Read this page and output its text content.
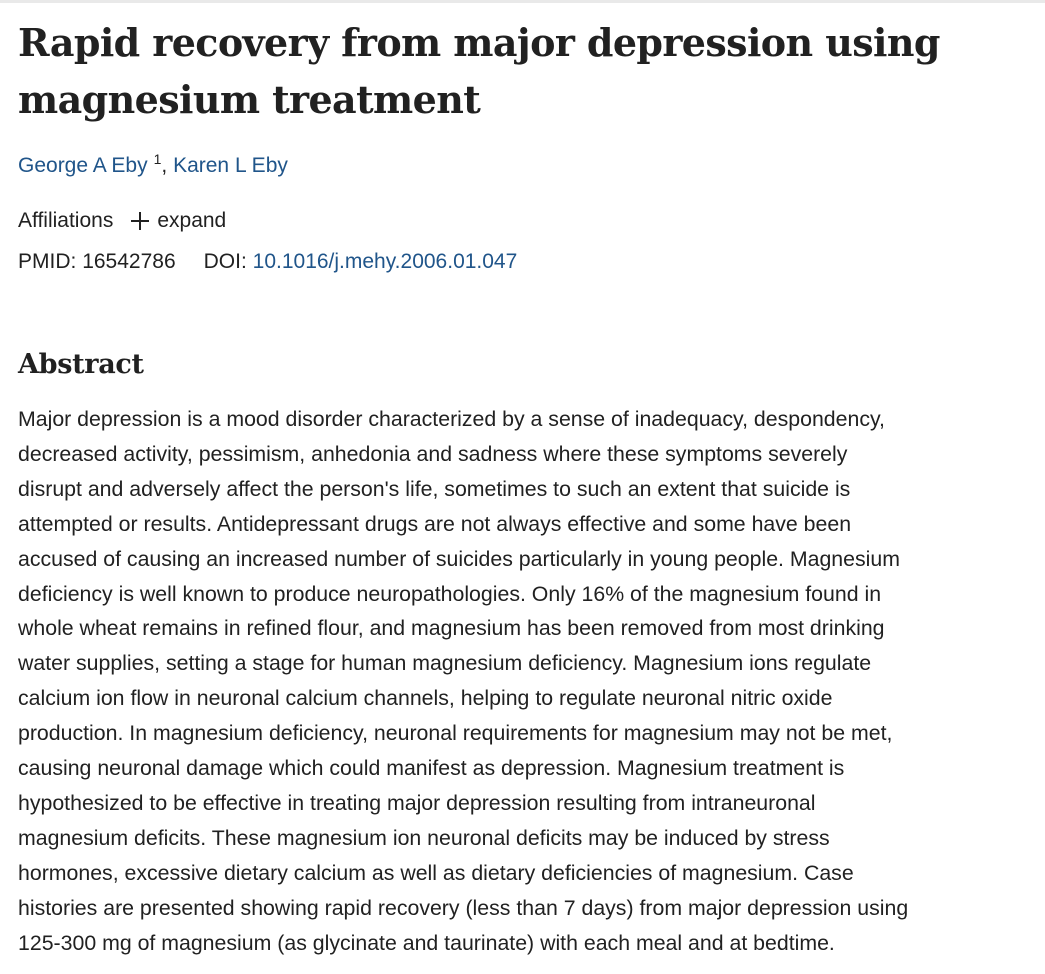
Rapid recovery from major depression using
magnesium treatment
George A Eby $^1$, Karen L Eby
Affiliations expand
PMID: 16542786 DOI: 10.1016/j.mehy.2006.01.047
Abstract
Major depression is a mood disorder characterized by a sense of inadequacy, despondency,
decreased activity, pessimism, anhedonia and sadness where these symptoms severely
disrupt and adversely affect the person's life, sometimes to such an extent that suicide is
attempted or results. Antidepressant drugs are not always effective and some have been
accused of causing an increased number of suicides particularly in young people. Magnesium
deficiency is well known to produce neuropathologies. Only 16% of the magnesium found in
whole wheat remains in refined flour, and magnesium has been removed from most drinking
water supplies, setting a stage for human magnesium deficiency. Magnesium ions regulate
calcium ion flow in neuronal calcium channels, helping to regulate neuronal nitric oxide
production. In magnesium deficiency, neuronal requirements for magnesium may not be met,
causing neuronal damage which could manifest as depression. Magnesium treatment is
hypothesized to be effective in treating major depression resulting from intraneuronal
magnesium deficits. These magnesium ion neuronal deficits may be induced by stress
hormones, excessive dietary calcium as well as dietary deficiencies of magnesium. Case
histories are presented showing rapid recovery (less than 7 days) from major depression using
125-300 mg of magnesium (as glycinate and taurinate) with each meal and at bedtime.
